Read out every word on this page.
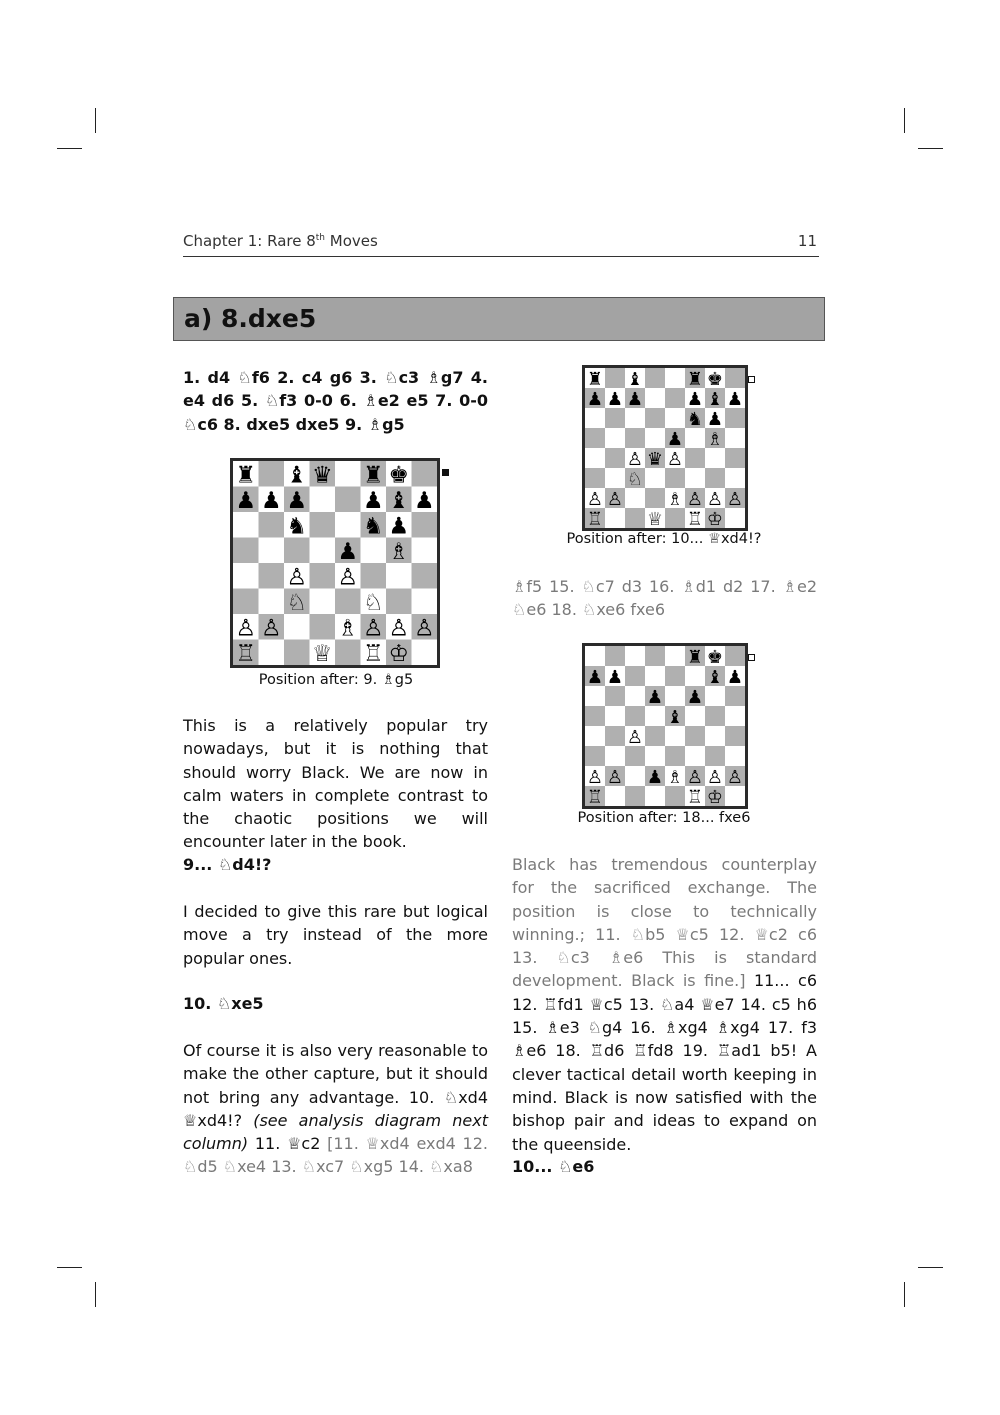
Chapter 1: Rare 8th Moves	11
a) 8.dxe5
1. d4 ♘f6 2. c4 g6 3. ♘c3 ♗g7 4. e4 d6 5. ♘f3 0-0 6. ♗e2 e5 7. 0-0 ♘c6 8. dxe5 dxe5 9. ♗g5
♜ ♝ ♛ ♜ ♚
♟ ♟ ♟ ♟ ♝ ♟
♞ ♞ ♟
♟ ♗
♙ ♙
♘ ♘
♙ ♙ ♗ ♙ ♙ ♙
♖ ♕ ♖ ♔
Position after: 9. ♗g5
This is a relatively popular try nowadays, but it is nothing that should worry Black. We are now in calm waters in complete contrast to the chaotic positions we will encounter later in the book.
9... ♘d4!?
I decided to give this rare but logical move a try instead of the more popular ones.
10. ♘xe5
Of course it is also very reasonable to make the other capture, but it should not bring any advantage. 10. ♘xd4 ♕xd4!? (see analysis diagram next column) 11. ♕c2 [11. ♕xd4 exd4 12. ♘d5 ♘xe4 13. ♘xc7 ♘xg5 14. ♘xa8
♜ ♝ ♜ ♚
♟ ♟ ♟ ♟ ♝ ♟
♞ ♟
♟ ♗
♙ ♛ ♙
♘
♙ ♙ ♗ ♙ ♙ ♙
♖ ♕ ♖ ♔
Position after: 10... ♕xd4!?
♗f5 15. ♘c7 d3 16. ♗d1 d2 17. ♗e2 ♘e6 18. ♘xe6 fxe6
♜ ♚
♟ ♟	♝ ♟
♟ ♟
♝
♙
♙ ♙ ♟ ♗ ♙ ♙ ♙
♖	♖ ♔
Position after: 18... fxe6
Black has tremendous counterplay for the sacrificed exchange. The position is close to technically winning.; 11. ♘b5 ♕c5 12. ♕c2 c6 13. ♘c3 ♗e6 This is standard development. Black is fine.] 11... c6 12. ♖fd1 ♕c5 13. ♘a4 ♕e7 14. c5 h6 15. ♗e3 ♘g4 16. ♗xg4 ♗xg4 17. f3 ♗e6 18. ♖d6 ♖fd8 19. ♖ad1 b5! A clever tactical detail worth keeping in mind. Black is now satisfied with the bishop pair and ideas to expand on the queenside.
10... ♘e6
